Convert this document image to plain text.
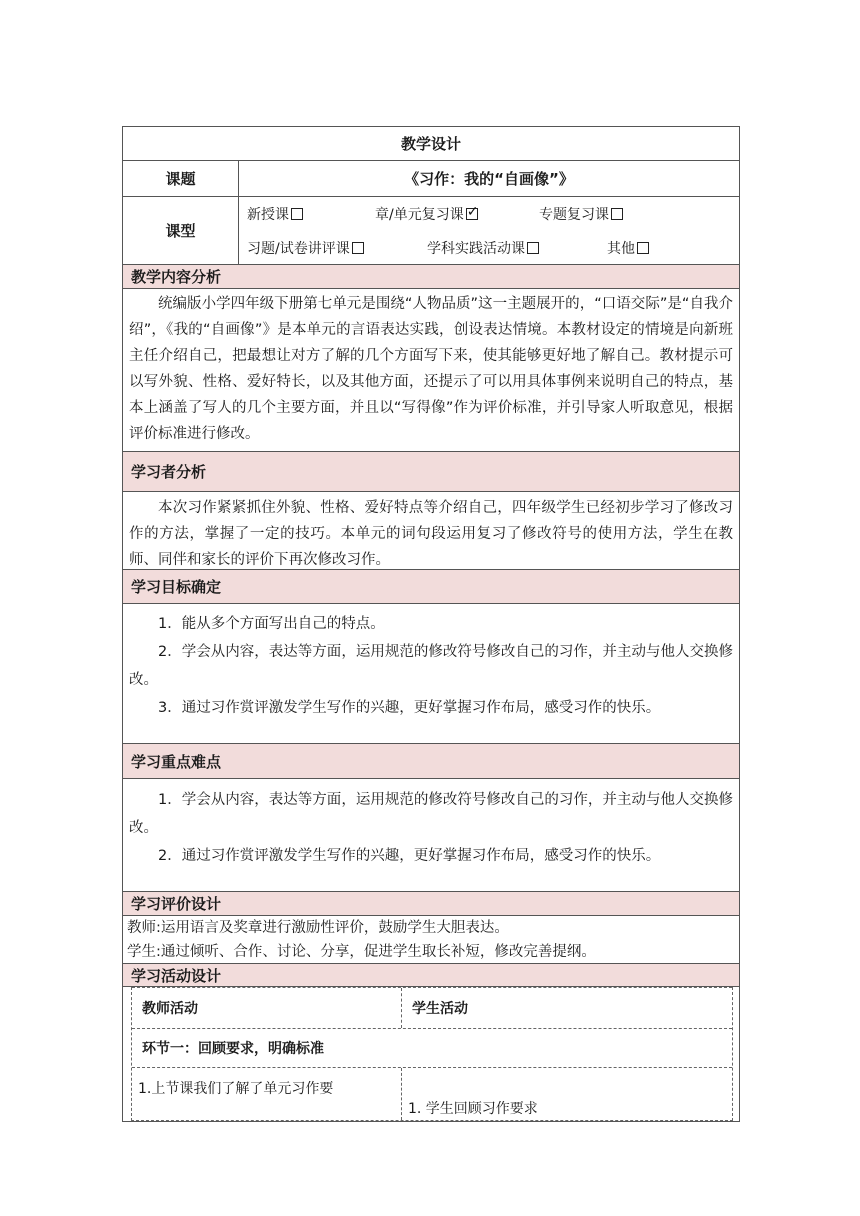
教学设计
课题	《习作：我的“自画像”》
课型
新授课	章/单元复习课
✓	专题复习课
习题/试卷讲评课	学科实践活动课	其他
教学内容分析

统编版小学四年级下册第七单元是围绕“人物品质”这一主题展开的，“口语交际”是“自我介绍”，《我的“自画像”》是本单元的言语表达实践，创设表达情境。本教材设定的情境是向新班主任介绍自己，把最想让对方了解的几个方面写下来，使其能够更好地了解自己。教材提示可以写外貌、性格、爱好特长，以及其他方面，还提示了可以用具体事例来说明自己的特点，基本上涵盖了写人的几个主要方面，并且以“写得像”作为评价标准，并引导家人听取意见，根据评价标准进行修改。

学习者分析

本次习作紧紧抓住外貌、性格、爱好特点等介绍自己，四年级学生已经初步学习了修改习作的方法，掌握了一定的技巧。本单元的词句段运用复习了修改符号的使用方法，学生在教师、同伴和家长的评价下再次修改习作。

学习目标确定

1．能从多个方面写出自己的特点。

2．学会从内容，表达等方面，运用规范的修改符号修改自己的习作，并主动与他人交换修改。

3．通过习作赏评激发学生写作的兴趣，更好掌握习作布局，感受习作的快乐。

学习重点难点

1．学会从内容，表达等方面，运用规范的修改符号修改自己的习作，并主动与他人交换修改。

2．通过习作赏评激发学生写作的兴趣，更好掌握习作布局，感受习作的快乐。

学习评价设计

教师:运用语言及奖章进行激励性评价，鼓励学生大胆表达。

学生:通过倾听、合作、讨论、分享，促进学生取长补短，修改完善提纲。

学习活动设计
教师活动	学生活动
环节一：回顾要求，明确标准
1.上节课我们了解了单元习作要
1. 学生回顾习作要求
